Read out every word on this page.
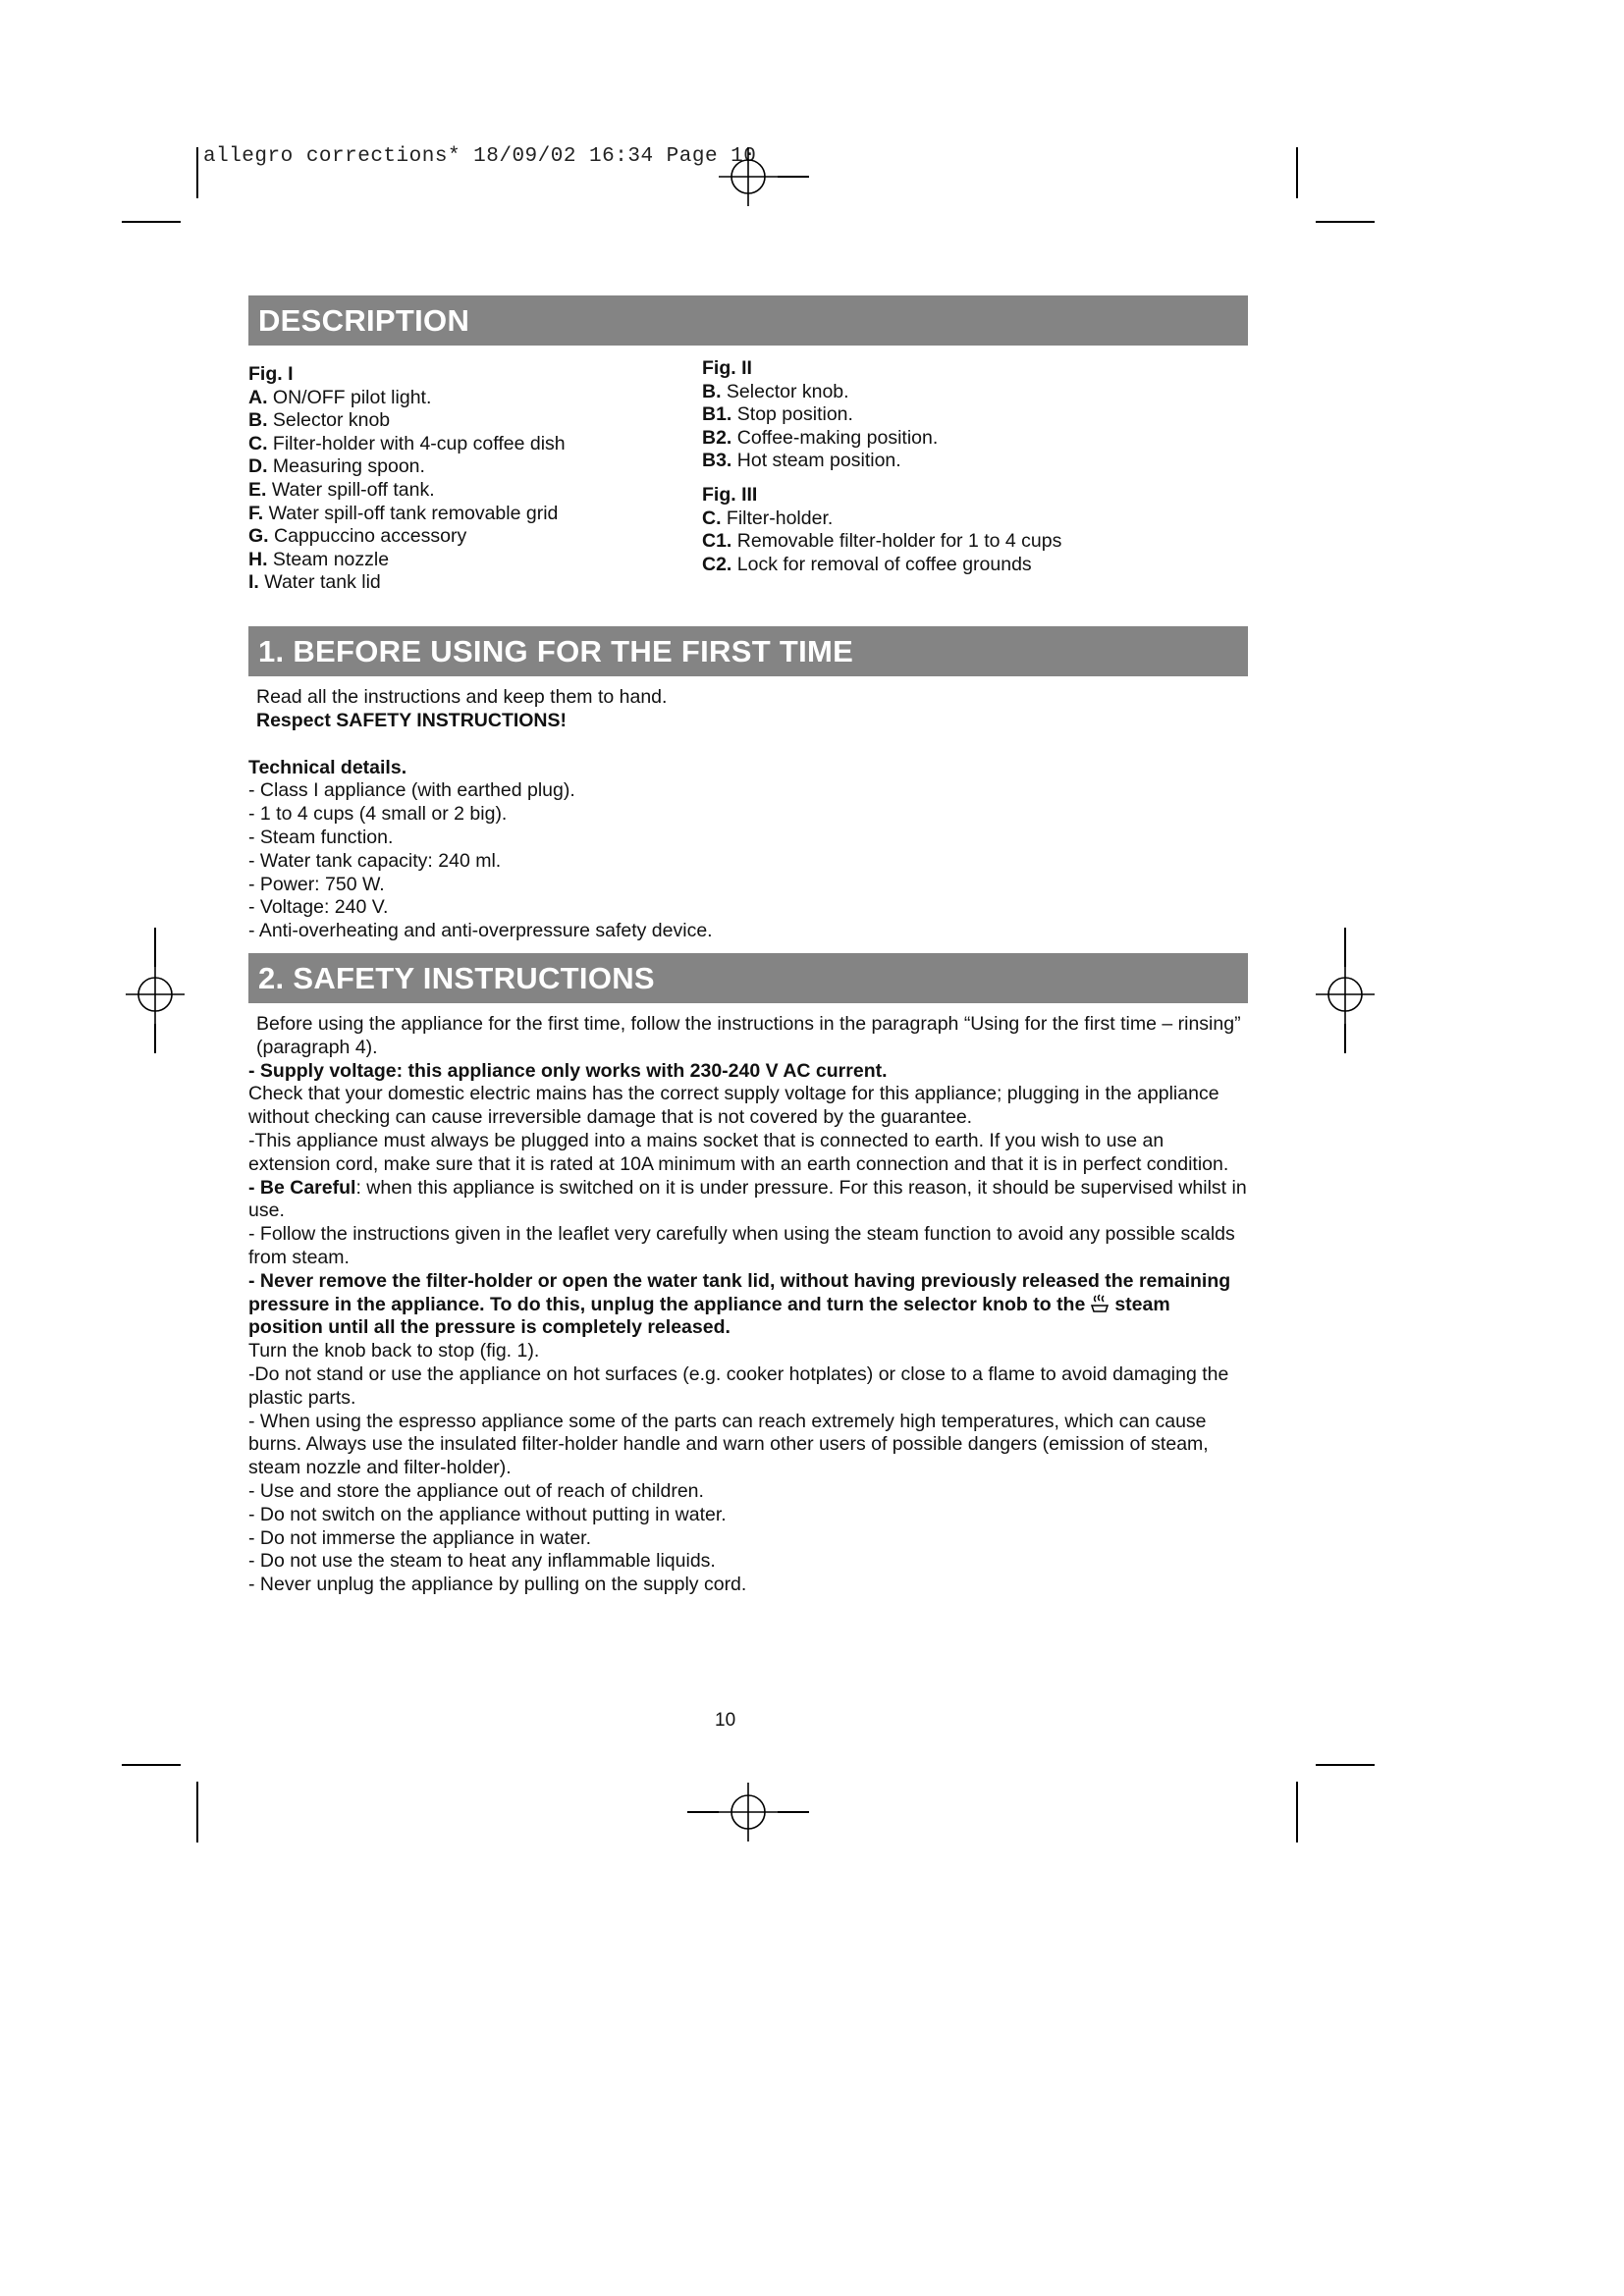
allegro corrections* 18/09/02 16:34 Page 10
DESCRIPTION
Fig. I
A. ON/OFF pilot light.
B. Selector knob
C. Filter-holder with 4-cup coffee dish
D. Measuring spoon.
E. Water spill-off tank.
F. Water spill-off tank removable grid
G. Cappuccino accessory
H. Steam nozzle
I. Water tank lid
Fig. II
B. Selector knob.
B1. Stop position.
B2. Coffee-making position.
B3. Hot steam position.
Fig. III
C. Filter-holder.
C1. Removable filter-holder for 1 to 4 cups
C2. Lock for removal of coffee grounds
1. BEFORE USING FOR THE FIRST TIME
Read all the instructions and keep them to hand.
Respect SAFETY INSTRUCTIONS!
Technical details.
- Class I appliance (with earthed plug).
- 1 to 4 cups (4 small or 2 big).
- Steam function.
- Water tank capacity: 240 ml.
- Power: 750 W.
- Voltage: 240 V.
- Anti-overheating and anti-overpressure safety device.
2. SAFETY INSTRUCTIONS
Before using the appliance for the first time, follow the instructions in the paragraph “Using for the first time – rinsing” (paragraph 4).
- Supply voltage: this appliance only works with 230-240 V AC current.
Check that your domestic electric mains has the correct supply voltage for this appliance; plugging in the appliance without checking can cause irreversible damage that is not covered by the guarantee.
-This appliance must always be plugged into a mains socket that is connected to earth. If you wish to use an extension cord, make sure that it is rated at 10A minimum with an earth connection and that it is in perfect condition.
- Be Careful: when this appliance is switched on it is under pressure. For this reason, it should be supervised whilst in use.
- Follow the instructions given in the leaflet very carefully when using the steam function to avoid any possible scalds from steam.
- Never remove the filter-holder or open the water tank lid, without having previously released the remaining pressure in the appliance. To do this, unplug the appliance and turn the selector knob to the steam position until all the pressure is completely released.
Turn the knob back to stop (fig. 1).
-Do not stand or use the appliance on hot surfaces (e.g. cooker hotplates) or close to a flame to avoid damaging the plastic parts.
- When using the espresso appliance some of the parts can reach extremely high temperatures, which can cause burns. Always use the insulated filter-holder handle and warn other users of possible dangers (emission of steam, steam nozzle and filter-holder).
- Use and store the appliance out of reach of children.
- Do not switch on the appliance without putting in water.
- Do not immerse the appliance in water.
- Do not use the steam to heat any inflammable liquids.
- Never unplug the appliance by pulling on the supply cord.
10
